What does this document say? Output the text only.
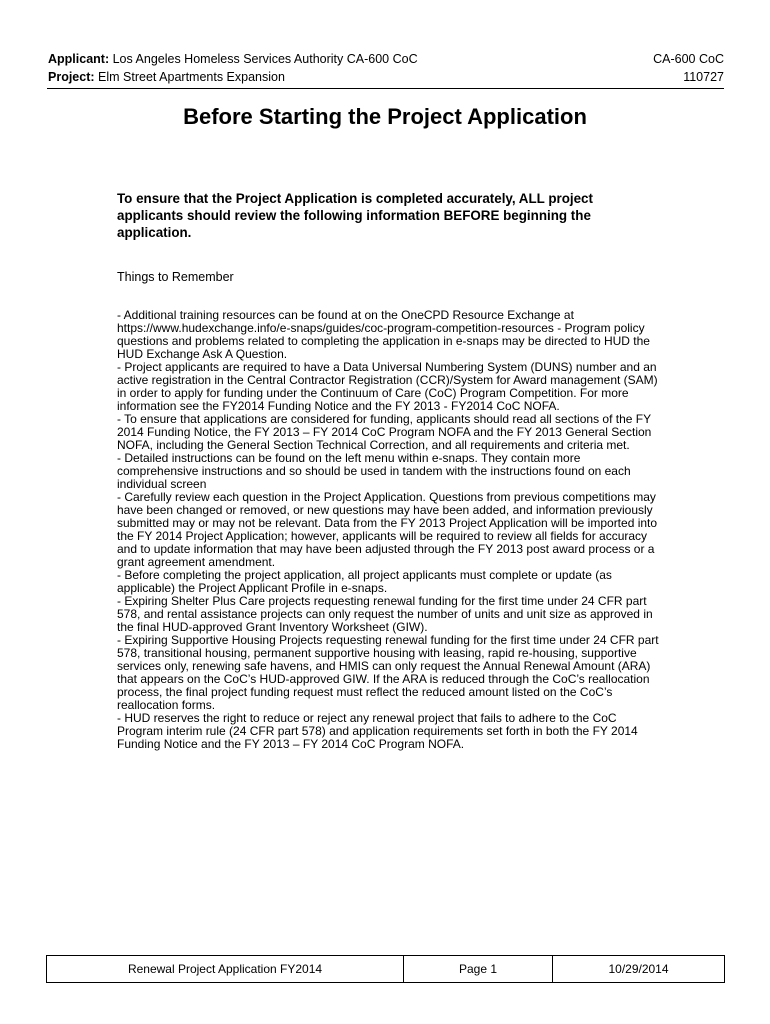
Applicant: Los Angeles Homeless Services Authority CA-600 CoC
Project: Elm Street Apartments Expansion
CA-600 CoC
110727
Before Starting the Project Application
To ensure that the Project Application is completed accurately, ALL project applicants should review the following information BEFORE beginning the application.
Things to Remember
- Additional training resources can be found at on the OneCPD Resource Exchange at https://www.hudexchange.info/e-snaps/guides/coc-program-competition-resources - Program policy questions and problems related to completing the application in e-snaps may be directed to HUD the HUD Exchange Ask A Question.
- Project applicants are required to have a Data Universal Numbering System (DUNS) number and an active registration in the Central Contractor Registration (CCR)/System for Award management (SAM) in order to apply for funding under the Continuum of Care (CoC) Program Competition. For more information see the FY2014 Funding Notice and the FY 2013 - FY2014 CoC NOFA.
- To ensure that applications are considered for funding, applicants should read all sections of the FY 2014 Funding Notice, the FY 2013 – FY 2014 CoC Program NOFA and the FY 2013 General Section NOFA, including the General Section Technical Correction, and all requirements and criteria met.
- Detailed instructions can be found on the left menu within e-snaps. They contain more comprehensive instructions and so should be used in tandem with the instructions found on each individual screen
- Carefully review each question in the Project Application. Questions from previous competitions may have been changed or removed, or new questions may have been added, and information previously submitted may or may not be relevant. Data from the FY 2013 Project Application will be imported into the FY 2014 Project Application; however, applicants will be required to review all fields for accuracy and to update information that may have been adjusted through the FY 2013 post award process or a grant agreement amendment.
- Before completing the project application, all project applicants must complete or update (as applicable) the Project Applicant Profile in e-snaps.
- Expiring Shelter Plus Care projects requesting renewal funding for the first time under 24 CFR part 578, and rental assistance projects can only request the number of units and unit size as approved in the final HUD-approved Grant Inventory Worksheet (GIW).
- Expiring Supportive Housing Projects requesting renewal funding for the first time under 24 CFR part 578, transitional housing, permanent supportive housing with leasing, rapid re-housing, supportive services only, renewing safe havens, and HMIS can only request the Annual Renewal Amount (ARA) that appears on the CoC’s HUD-approved GIW. If the ARA is reduced through the CoC’s reallocation process, the final project funding request must reflect the reduced amount listed on the CoC’s reallocation forms.
- HUD reserves the right to reduce or reject any renewal project that fails to adhere to the CoC Program interim rule (24 CFR part 578) and application requirements set forth in both the FY 2014 Funding Notice and the FY 2013 – FY 2014 CoC Program NOFA.
Renewal Project Application FY2014	Page 1	10/29/2014
